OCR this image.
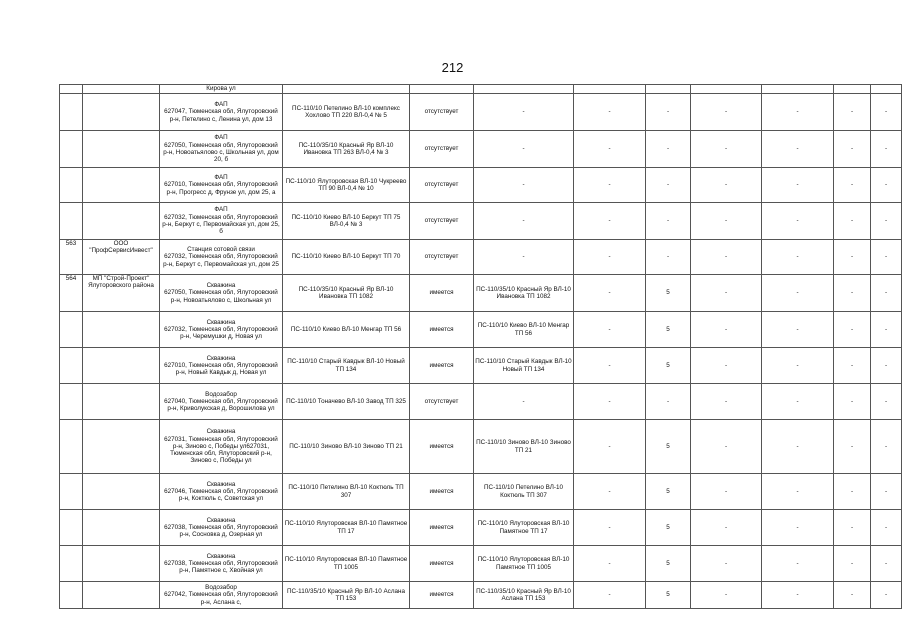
212
		Кирова ул									
		ФАП
627047, Тюменская обл, Ялуторовский р-н, Петелино с, Ленина ул, дом 13	ПС-110/10 Петелино ВЛ-10 комплекс Хохлово ТП 220 ВЛ-0,4 № 5	отсутствует	-	-	-	-	-	-	-
		ФАП
627050, Тюменская обл, Ялуторовский р-н, Новоатьялово с, Школьная ул, дом 20, б	ПС-110/35/10 Красный Яр ВЛ-10 Ивановка ТП 263 ВЛ-0,4 № 3	отсутствует	-	-	-	-	-	-	-
		ФАП
627010, Тюменская обл, Ялуторовский р-н, Прогресс д, Фрунзе ул, дом 25, а	ПС-110/10 Ялуторовская ВЛ-10 Чукреево ТП 90 ВЛ-0,4 № 10	отсутствует	-	-	-	-	-	-	-
		ФАП
627032, Тюменская обл, Ялуторовский р-н, Беркут с, Первомайская ул, дом 25, б	ПС-110/10 Киево ВЛ-10 Беркут ТП 75 ВЛ-0,4 № 3	отсутствует	-	-	-	-	-	-	-
563	ООО "ПрофСервисИнвест"	Станция сотовой связи
627032, Тюменская обл, Ялуторовский р-н, Беркут с, Первомайская ул, дом 25	ПС-110/10 Киево ВЛ-10 Беркут ТП 70	отсутствует	-	-	-	-	-	-	-
564	МП "Строй-Проект" Ялуторовского района	Скважина
627050, Тюменская обл, Ялуторовский р-н, Новоатьялово с, Школьная ул	ПС-110/35/10 Красный Яр ВЛ-10 Ивановка ТП 1082	имеется	ПС-110/35/10 Красный Яр ВЛ-10 Ивановка ТП 1082	-	5	-	-	-	-
		Скважина
627032, Тюменская обл, Ялуторовский р-н, Черемушки д, Новая ул	ПС-110/10 Киево ВЛ-10 Менгар ТП 56	имеется	ПС-110/10 Киево ВЛ-10 Менгар ТП 56	-	5	-	-	-	-
		Скважина
627010, Тюменская обл, Ялуторовский р-н, Новый Кавдык д, Новая ул	ПС-110/10 Старый Кавдык ВЛ-10 Новый ТП 134	имеется	ПС-110/10 Старый Кавдык ВЛ-10 Новый ТП 134	-	5	-	-	-	-
		Водозабор
627040, Тюменская обл, Ялуторовский р-н, Криволукская д, Ворошилова ул	ПС-110/10 Тоначево ВЛ-10 Завод ТП 325	отсутствует	-	-	-	-	-	-	-
		Скважина
627031, Тюменская обл, Ялуторовский р-н, Зиново с, Победы ул627031, Тюменская обл, Ялуторовский р-н, Зиново с, Победы ул	ПС-110/10 Зиново ВЛ-10 Зиново ТП 21	имеется	ПС-110/10 Зиново ВЛ-10 Зиново ТП 21	-	5	-	-	-	-
		Скважина
627046, Тюменская обл, Ялуторовский р-н, Коктюль с, Советская ул	ПС-110/10 Петелино ВЛ-10 Коктюль ТП 307	имеется	ПС-110/10 Петелино ВЛ-10 Коктюль ТП 307	-	5	-	-	-	-
		Скважина
627038, Тюменская обл, Ялуторовский р-н, Сосновка д, Озерная ул	ПС-110/10 Ялуторовская ВЛ-10 Памятное ТП 17	имеется	ПС-110/10 Ялуторовская ВЛ-10 Памятное ТП 17	-	5	-	-	-	-
		Скважина
627038, Тюменская обл, Ялуторовский р-н, Памятное с, Хвойная ул	ПС-110/10 Ялуторовская ВЛ-10 Памятное ТП 1005	имеется	ПС-110/10 Ялуторовская ВЛ-10 Памятное ТП 1005	-	5	-	-	-	-
		Водозабор
627042, Тюменская обл, Ялуторовский р-н, Аслана с,	ПС-110/35/10 Красный Яр ВЛ-10 Аслана ТП 153	имеется	ПС-110/35/10 Красный Яр ВЛ-10 Аслана ТП 153	-	5	-	-	-	-
